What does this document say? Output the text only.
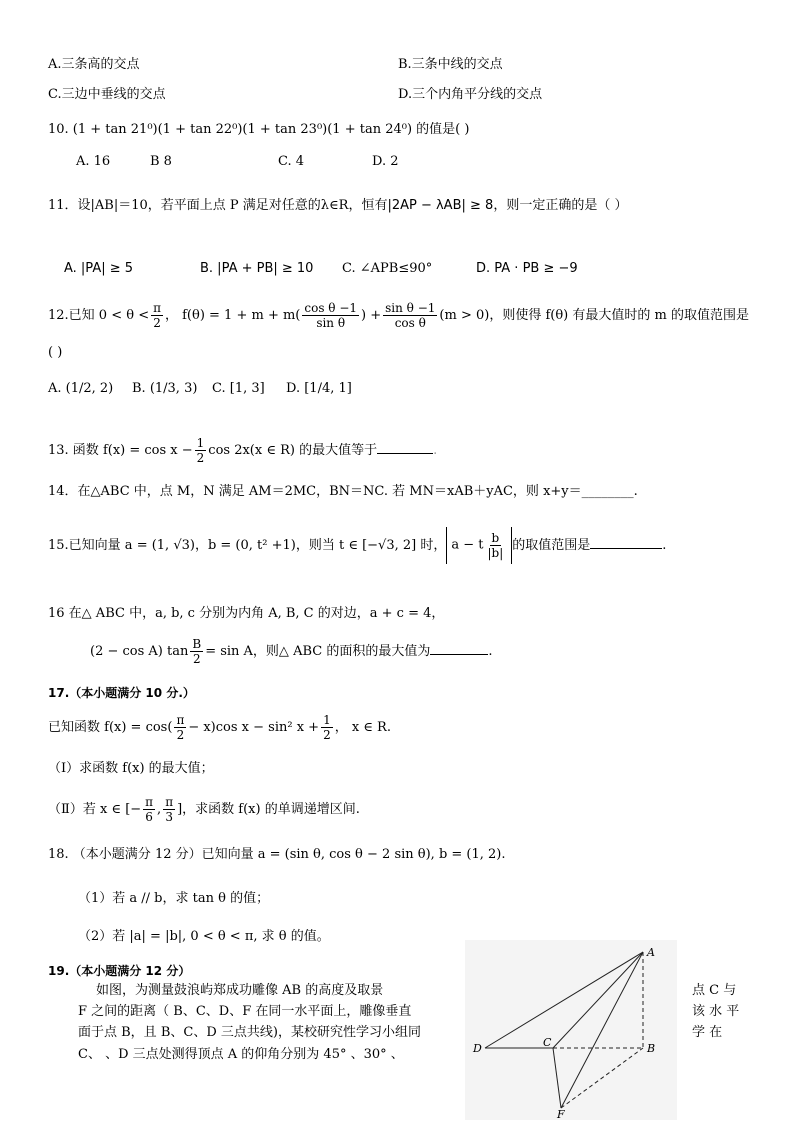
A.三条高的交点	B.三条中线的交点
C.三边中垂线的交点	D.三个内角平分线的交点
10. (1 + tan 21⁰)(1 + tan 22⁰)(1 + tan 23⁰)(1 + tan 24⁰) 的值是( )
A. 16	B 8	C. 4	D. 2
11．设|AB|＝10，若平面上点 P 满足对任意的λ∈R，恒有|2AP − λAB| ≥ 8，则一定正确的是（ ）
A. |PA| ≥ 5	B. |PA + PB| ≥ 10 C. ∠APB≤90°	D. PA · PB ≥ −9
12.已知 $0 < \theta < \frac{\pi}{2}$ ， $f(\theta) = 1 + m + m( \frac{\text{cos θ −1}}{\text{sin θ}}$ ) + $\frac{\text{sin θ −1}}{\text{cos θ}} (m > 0)$，则使得 f(θ) 有最大值时的 m 的取值范围是
( )
A. (1/2, 2) B. (1/3, 3) C. [1, 3] D. [1/4, 1]
13. 函数 $f(x) = \cos x - \frac{1}{2}$ cos 2x(x ∈ R) 的最大值等于	.
14．在△ABC 中，点 M，N 满足 AM＝2MC，BN＝NC. 若 MN＝xAB＋yAC，则 x+y＝________.
15.已知向量 a = (1, √3)，b = (0, t² +1)，则当 t ∈ [−√3, 2] 时， a − t $\frac{b}{|b|}$ 的取值范围是	.
16 在△ ABC 中，a, b, c 分别为内角 A, B, C 的对边，a + c = 4，
(2 − cos A) $\tan \frac{B}{2} = \sin A$，则△ ABC 的面积的最大值为	.
17.（本小题满分 10 分.）
已知函数 $f(x) = \cos( \frac{\pi}{2} - x)\cos$ x − sin² $x + \frac{1}{2}$ ， x ∈ R.
（Ⅰ）求函数 f(x) 的最大值；
（Ⅱ）若 x ∈ [− $\frac{\pi}{6}$ , $\frac{\pi}{3}$ ]，求函数 f(x) 的单调递增区间.
18. （本小题满分 12 分）已知向量 a = (sin θ, cos θ − 2 sin θ), b = (1, 2).
（1）若 a // b，求 tan θ 的值；
（2）若 |a| = |b|, 0 < θ < π, 求 θ 的值。
19.（本小题满分 12 分）
如图，为测量鼓浪屿郑成功雕像 AB 的高度及取景
F 之间的距离（ B、C、D、F 在同一水平面上，雕像垂直
面于点 B，且 B、C、D 三点共线)，某校研究性学习小组同
C、 、D 三点处测得顶点 A 的仰角分别为 45° 、30° 、
点 C 与
该 水 平
学 在
A
B
C
D
F
